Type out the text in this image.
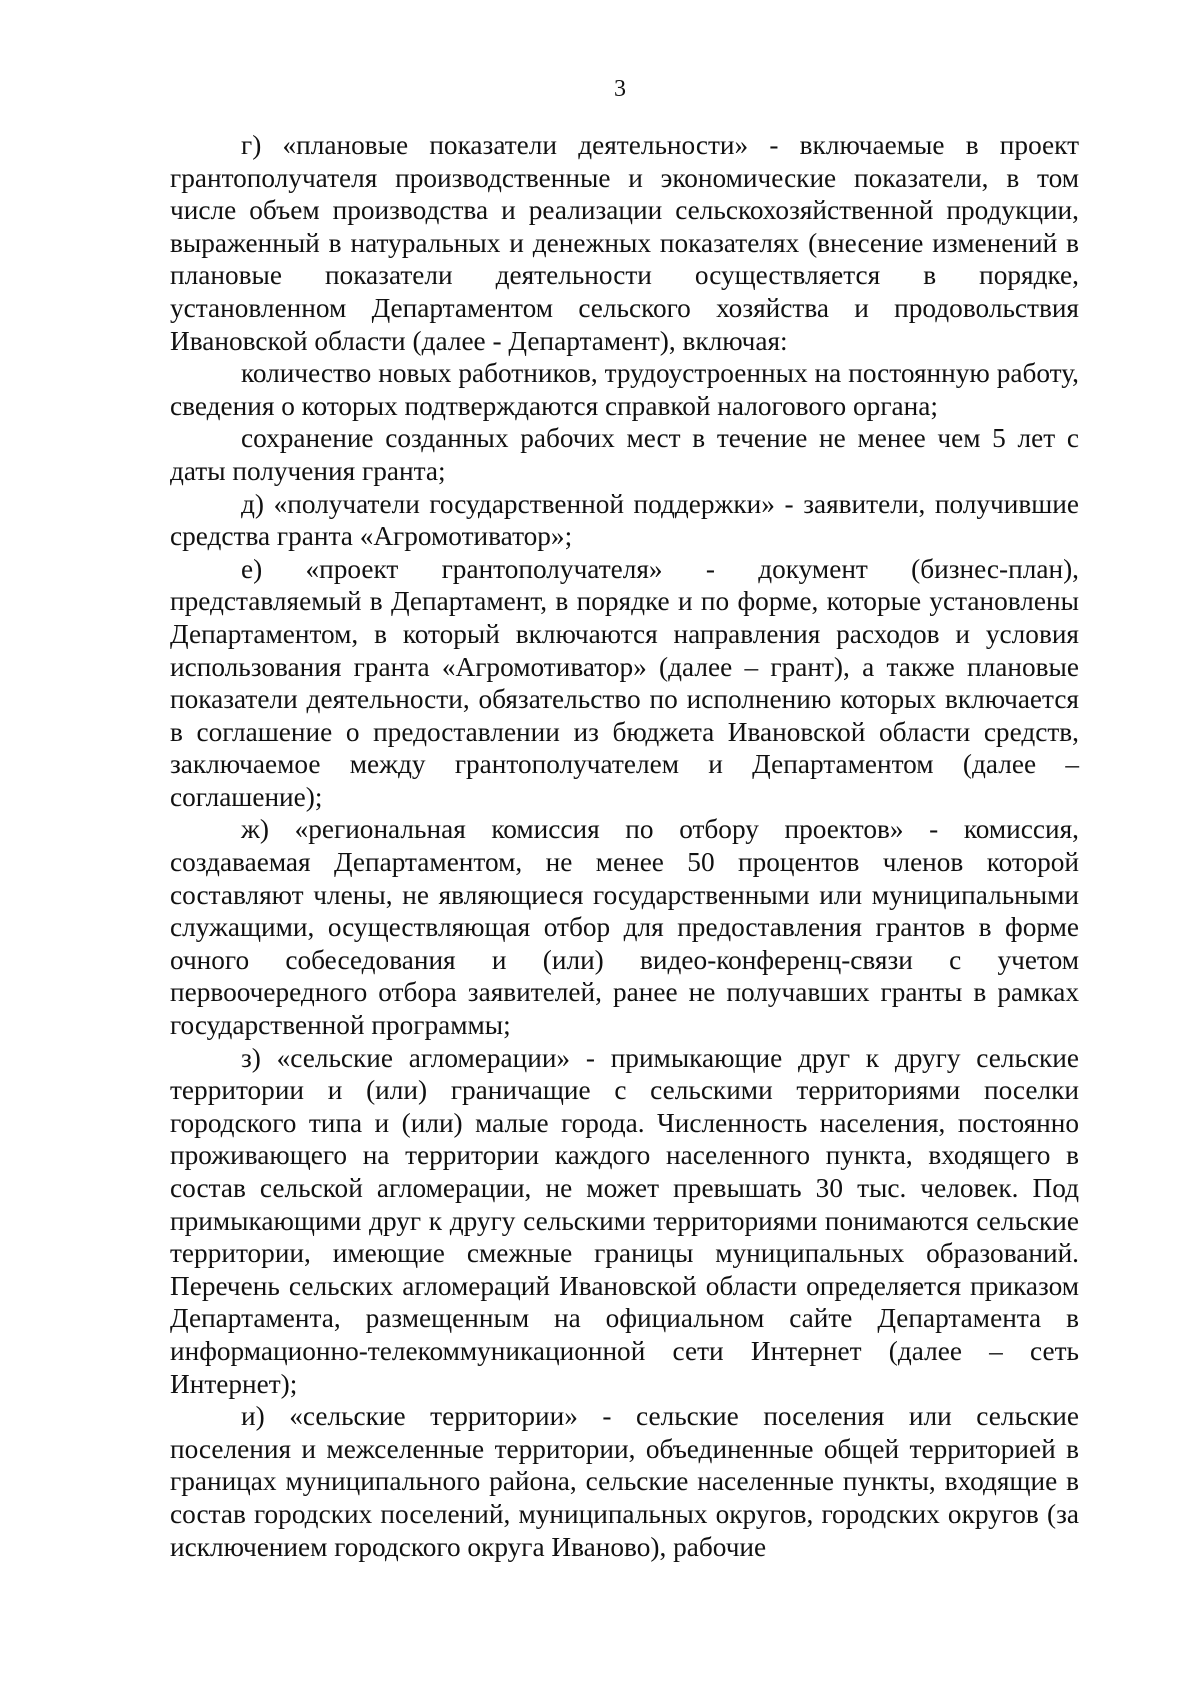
3

г) «плановые показатели деятельности» - включаемые в проект грантополучателя производственные и экономические показатели, в том числе объем производства и реализации сельскохозяйственной продукции, выраженный в натуральных и денежных показателях (внесение изменений в плановые показатели деятельности осуществляется в порядке, установленном Департаментом сельского хозяйства и продовольствия Ивановской области (далее - Департамент), включая:

количество новых работников, трудоустроенных на постоянную работу, сведения о которых подтверждаются справкой налогового органа;

сохранение созданных рабочих мест в течение не менее чем 5 лет с даты получения гранта;

д) «получатели государственной поддержки» - заявители, получившие средства гранта «Агромотиватор»;

е) «проект грантополучателя» - документ (бизнес-план), представляемый в Департамент, в порядке и по форме, которые установлены Департаментом, в который включаются направления расходов и условия использования гранта «Агромотиватор» (далее – грант), а также плановые показатели деятельности, обязательство по исполнению которых включается в соглашение о предоставлении из бюджета Ивановской области средств, заключаемое между грантополучателем и Департаментом (далее – соглашение);

ж) «региональная комиссия по отбору проектов» - комиссия, создаваемая Департаментом, не менее 50 процентов членов которой составляют члены, не являющиеся государственными или муниципальными служащими, осуществляющая отбор для предоставления грантов в форме очного собеседования и (или) видео-конференц-связи с учетом первоочередного отбора заявителей, ранее не получавших гранты в рамках государственной программы;

з) «сельские агломерации» - примыкающие друг к другу сельские территории и (или) граничащие с сельскими территориями поселки городского типа и (или) малые города. Численность населения, постоянно проживающего на территории каждого населенного пункта, входящего в состав сельской агломерации, не может превышать 30 тыс. человек. Под примыкающими друг к другу сельскими территориями понимаются сельские территории, имеющие смежные границы муниципальных образований. Перечень сельских агломераций Ивановской области определяется приказом Департамента, размещенным на официальном сайте Департамента в информационно-телекоммуникационной сети Интернет (далее – сеть Интернет);

и) «сельские территории» - сельские поселения или сельские поселения и межселенные территории, объединенные общей территорией в границах муниципального района, сельские населенные пункты, входящие в состав городских поселений, муниципальных округов, городских округов (за исключением городского округа Иваново), рабочие
